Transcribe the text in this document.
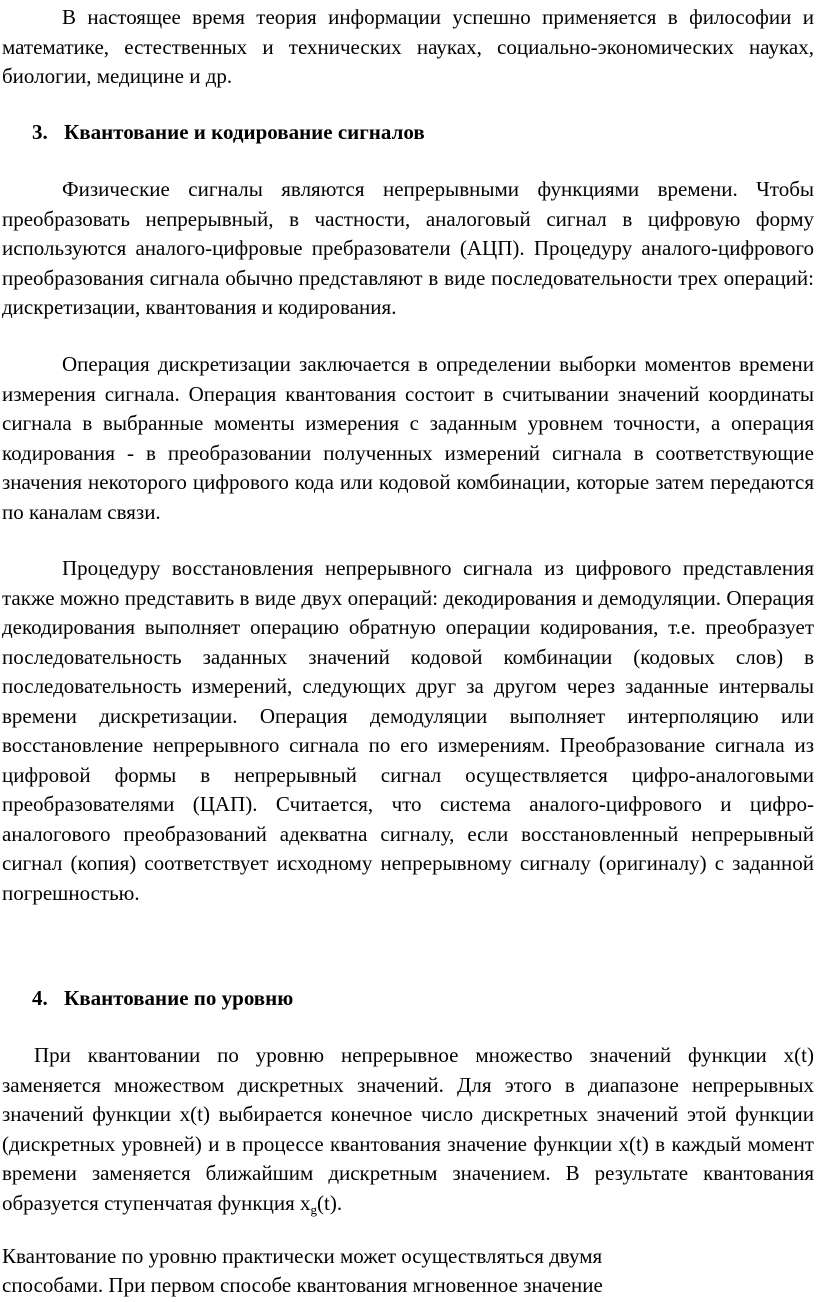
В настоящее время теория информации успешно применяется в философии и математике, естественных и технических науках, социально-экономических науках, биологии, медицине и др.

3. Квантование и кодирование сигналов

Физические сигналы являются непрерывными функциями времени. Чтобы преобразовать непрерывный, в частности, аналоговый сигнал в цифровую форму используются аналого-цифровые пребразователи (АЦП). Процедуру аналого-цифрового преобразования сигнала обычно представляют в виде последовательности трех операций: дискретизации, квантования и кодирования.

Операция дискретизации заключается в определении выборки моментов времени измерения сигнала. Операция квантования состоит в считывании значений координаты сигнала в выбранные моменты измерения с заданным уровнем точности, а операция кодирования - в преобразовании полученных измерений сигнала в соответствующие значения некоторого цифрового кода или кодовой комбинации, которые затем передаются по каналам связи.

Процедуру восстановления непрерывного сигнала из цифрового представления также можно представить в виде двух операций: декодирования и демодуляции. Операция декодирования выполняет операцию обратную операции кодирования, т.е. преобразует последовательность заданных значений кодовой комбинации (кодовых слов) в последовательность измерений, следующих друг за другом через заданные интервалы времени дискретизации. Операция демодуляции выполняет интерполяцию или восстановление непрерывного сигнала по его измерениям. Преобразование сигнала из цифровой формы в непрерывный сигнал осуществляется цифро-аналоговыми преобразователями (ЦАП). Считается, что система аналого-цифрового и цифро-аналогового преобразований адекватна сигналу, если восстановленный непрерывный сигнал (копия) соответствует исходному непрерывному сигналу (оригиналу) с заданной погрешностью.

4. Квантование по уровню

При квантовании по уровню непрерывное множество значений функции x(t) заменяется множеством дискретных значений. Для этого в диапазоне непрерывных значений функции x(t) выбирается конечное число дискретных значений этой функции (дискретных уровней) и в процессе квантования значение функции x(t) в каждый момент времени заменяется ближайшим дискретным значением. В результате квантования образуется ступенчатая функция $x_g(t)$.

Квантование по уровню практически может осуществляться двумя
способами. При первом способе квантования мгновенное значение
